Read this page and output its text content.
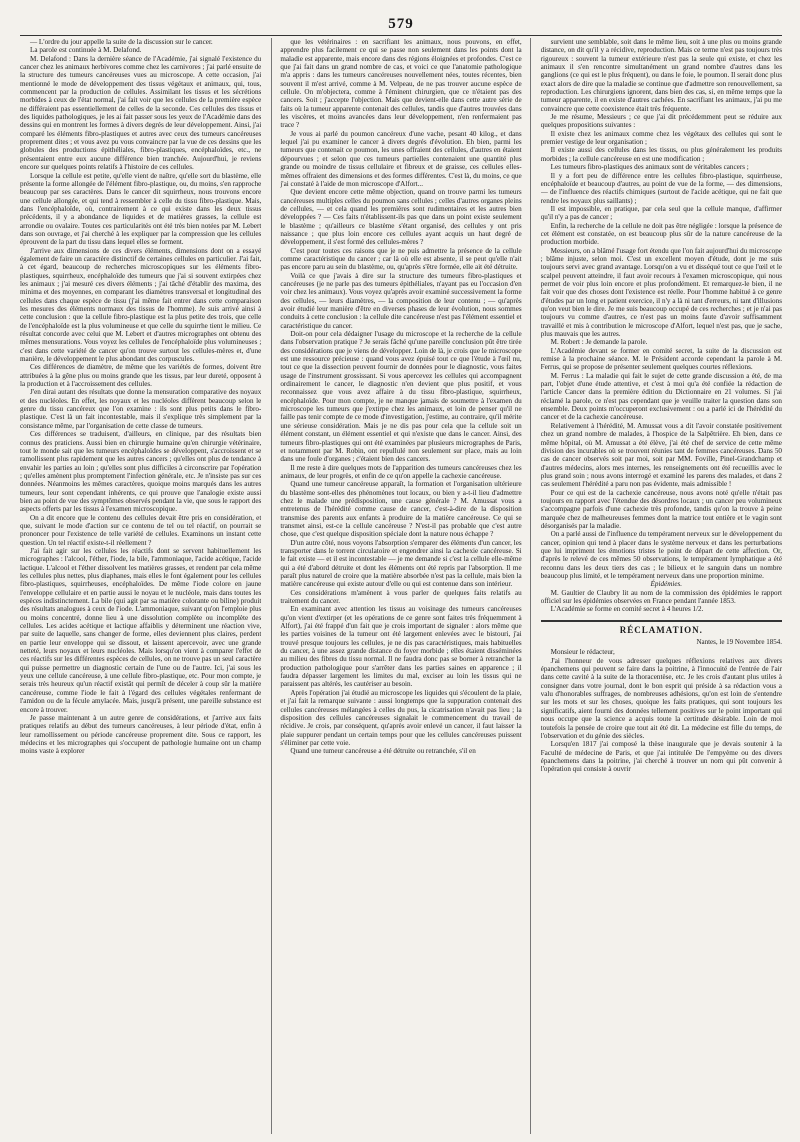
579

— L'ordre du jour appelle la suite de la discussion sur le cancer.

La parole est continuée à M. Delafond.

M. Delafond : Dans la dernière séance de l'Académie, j'ai signalé l'existence du cancer chez les animaux herbivores comme chez les carnivores ; j'ai parlé ensuite de la structure des tumeurs cancéreuses vues au microscope. A cette occasion, j'ai mentionné le mode de développement des tissus végétaux et animaux, qui, tous, commencent par la production de cellules. Assimilant les tissus et les sécrétions morbides à ceux de l'état normal, j'ai fait voir que les cellules de la première espèce ne différaient pas essentiellement de celles de la seconde. Ces cellules des tissus et des liquides pathologiques, je les ai fait passer sous les yeux de l'Académie dans des dessins qui en montrent les formes à divers degrés de leur développement. Ainsi, j'ai comparé les éléments fibro-plastiques et autres avec ceux des tumeurs cancéreuses proprement dites ; et vous avez pu vous convaincre par la vue de ces dessins que les globules des productions épithéliales, fibro-plastiques, encéphaloïdes, etc., ne présentaient entre eux aucune différence bien tranchée. Aujourd'hui, je reviens encore sur quelques points relatifs à l'histoire de ces cellules.

Lorsque la cellule est petite, qu'elle vient de naître, qu'elle sort du blastème, elle présente la forme allongée de l'élément fibro-plastique, ou, du moins, s'en rapproche beaucoup par ses caractères. Dans le cancer dit squirrheux, nous trouvons encore une cellule allongée, et qui tend à ressembler à celle du tissu fibro-plastique. Mais, dans l'encéphaloïde, où, contrairement à ce qui existe dans les deux tissus précédents, il y a abondance de liquides et de matières grasses, la cellule est arrondie ou ovalaire. Toutes ces particularités ont été très bien notées par M. Lebert dans son ouvrage, et j'ai cherché à les expliquer par la compression que les cellules éprouvent de la part du tissu dans lequel elles se forment.

J'arrive aux dimensions de ces divers éléments, dimensions dont on a essayé également de faire un caractère distinctif de certaines cellules en particulier. J'ai fait, à cet égard, beaucoup de recherches microscopiques sur les éléments fibro-plastiques, squirrheux, encéphaloïde des tumeurs que j'ai si souvent extirpées chez les animaux ; j'ai mesuré ces divers éléments ; j'ai tâché d'établir des maxima, des minima et des moyennes, en comparant les diamètres transversal et longitudinal des cellules dans chaque espèce de tissu (j'ai même fait entrer dans cette comparaison les mesures des éléments normaux des tissus de l'homme). Je suis arrivé ainsi à cette conclusion : que la cellule fibro-plastique est la plus petite des trois, que celle de l'encéphaloïde est la plus volumineuse et que celle du squirrhe tient le milieu. Ce résultat concorde avec celui que M. Lebert et d'autres micrographes ont obtenu des mêmes mensurations. Vous voyez les cellules de l'encéphaloïde plus volumineuses ; c'est dans cette variété de cancer qu'on trouve surtout les cellules-mères et, d'une manière, le développement le plus abondant des corpuscules.

Ces différences de diamètre, de même que les variétés de formes, doivent être attribuées à la gêne plus ou moins grande que les tissus, par leur dureté, opposent à la production et à l'accroissement des cellules.

J'en dirai autant des résultats que donne la mensuration comparative des noyaux et des nucléoles. En effet, les noyaux et les nucléoles diffèrent beaucoup selon le genre du tissu cancéreux que l'on examine : ils sont plus petits dans le fibro-plastique. C'est là un fait incontestable, mais il s'explique très simplement par la consistance même, par l'organisation de cette classe de tumeurs.

Ces différences se traduisent, d'ailleurs, en clinique, par des résultats bien connus des praticiens. Aussi bien en chirurgie humaine qu'en chirurgie vétérinaire, tout le monde sait que les tumeurs encéphaloïdes se développent, s'accroissent et se ramollissent plus rapidement que les autres cancers ; qu'elles ont plus de tendance à envahir les parties au loin ; qu'elles sont plus difficiles à circonscrire par l'opération ; qu'elles amènent plus promptement l'infection générale, etc. Je n'insiste pas sur ces données. Néanmoins les mêmes caractères, quoique moins marqués dans les autres tumeurs, leur sont cependant inhérents, ce qui prouve que l'analogie existe aussi bien au point de vue des symptômes observés pendant la vie, que sous le rapport des aspects offerts par les tissus à l'examen microscopique.

On a dit encore que le contenu des cellules devait être pris en considération, et que, suivant le mode d'action sur ce contenu de tel ou tel réactif, on pourrait se prononcer pour l'existence de telle variété de cellules. Examinons un instant cette question. Un tel réactif existe-t-il réellement ?

J'ai fait agir sur les cellules les réactifs dont se servent habituellement les micrographes : l'alcool, l'éther, l'iode, la bile, l'ammoniaque, l'acide acétique, l'acide lactique. L'alcool et l'éther dissolvent les matières grasses, et rendent par cela même les cellules plus nettes, plus diaphanes, mais elles le font également pour les cellules fibro-plastiques, squirrheuses, encéphaloïdes. De même l'iode colore en jaune l'enveloppe cellulaire et en partie aussi le noyau et le nucléole, mais dans toutes les espèces indistinctement. La bile (qui agit par sa matière colorante ou biline) produit des résultats analogues à ceux de l'iode. L'ammoniaque, suivant qu'on l'emploie plus ou moins concentré, donne lieu à une dissolution complète ou incomplète des cellules. Les acides acétique et lactique affaiblis y déterminent une réaction vive, par suite de laquelle, sans changer de forme, elles deviennent plus claires, perdent en partie leur enveloppe qui se dissout, et laissent apercevoir, avec une grande netteté, leurs noyaux et leurs nucléoles. Mais lorsqu'on vient à comparer l'effet de ces réactifs sur les différentes espèces de cellules, on ne trouve pas un seul caractère qui puisse permettre un diagnostic certain de l'une ou de l'autre. Ici, j'ai sous les yeux une cellule cancéreuse, à une cellule fibro-plastique, etc. Pour mon compte, je serais très heureux qu'un réactif existât qui permît de déceler à coup sûr la matière cancéreuse, comme l'iode le fait à l'égard des cellules végétales renfermant de l'amidon ou de la fécule amylacée. Mais, jusqu'à présent, une pareille substance est encore à trouver.

Je passe maintenant à un autre genre de considérations, et j'arrive aux faits pratiques relatifs au début des tumeurs cancéreuses, à leur période d'état, enfin à leur ramollissement ou période cancéreuse proprement dite. Sous ce rapport, les médecins et les micrographes qui s'occupent de pathologie humaine ont un champ moins vaste à explorer

que les vétérinaires : en sacrifiant les animaux, nous pouvons, en effet, apprendre plus facilement ce qui se passe non seulement dans les points dont la maladie est apparente, mais encore dans des régions éloignées et profondes. C'est ce que j'ai fait dans un grand nombre de cas, et voici ce que l'anatomie pathologique m'a appris : dans les tumeurs cancéreuses nouvellement nées, toutes récentes, bien souvent il m'est arrivé, comme à M. Velpeau, de ne pas trouver aucune espèce de cellule. On m'objectera, comme à l'éminent chirurgien, que ce n'étaient pas des cancers. Soit ; j'accepte l'objection. Mais que devient-elle dans cette autre série de faits où la tumeur apparente contenait des cellules, tandis que d'autres trouvées dans les viscères, et moins avancées dans leur développement, n'en renfermaient pas trace ?

Je vous ai parlé du poumon cancéreux d'une vache, pesant 40 kilog., et dans lequel j'ai pu examiner le cancer à divers degrés d'évolution. Eh bien, parmi les tumeurs que contenait ce poumon, les unes offraient des cellules, d'autres en étaient dépourvues ; et selon que ces tumeurs partielles contenaient une quantité plus grande ou moindre de tissus cellulaire et fibreux et de graisse, ces cellules elles-mêmes offraient des dimensions et des formes différentes. C'est là, du moins, ce que j'ai constaté à l'aide de mon microscope d'Alfort...

Que devient encore cette même objection, quand on trouve parmi les tumeurs cancéreuses multiples celles du poumon sans cellules ; celles d'autres organes pleins de cellules, — et cela quand les premières sont rudimentaires et les autres bien développées ? — Ces faits n'établissent-ils pas que dans un point existe seulement le blastème ; qu'ailleurs ce blastème s'étant organisé, des cellules y ont pris naissance ; que plus loin encore ces cellules ayant acquis un haut degré de développement, il s'est formé des cellules-mères ?

C'est pour toutes ces raisons que je ne puis admettre la présence de la cellule comme caractéristique du cancer ; car là où elle est absente, il se peut qu'elle n'ait pas encore paru au sein du blastème, ou, qu'après s'être formée, elle ait été détruite.

Voilà ce que j'avais à dire sur la structure des tumeurs fibro-plastiques et cancéreuses (je ne parle pas des tumeurs épithéliales, n'ayant pas eu l'occasion d'en voir chez les animaux). Vous voyez qu'après avoir examiné successivement la forme des cellules, — leurs diamètres, — la composition de leur contenu ; — qu'après avoir étudié leur manière d'être en diverses phases de leur évolution, nous sommes conduits à cette conclusion : la cellule dite cancéreuse n'est pas l'élément essentiel et caractéristique du cancer.

Doit-on pour cela dédaigner l'usage du microscope et la recherche de la cellule dans l'observation pratique ? Je serais fâché qu'une pareille conclusion pût être tirée des considérations que je viens de développer. Loin de là, je crois que le microscope est une ressource précieuse : quand vous avez épuisé tout ce que l'étude à l'œil nu, tout ce que la dissection peuvent fournir de données pour le diagnostic, vous faites usage de l'instrument grossissant. Si vous apercevez les cellules qui accompagnent ordinairement le cancer, le diagnostic n'en devient que plus positif, et vous reconnaissez que vous avez affaire à du tissu fibro-plastique, squirrheux, encéphaloïde. Pour mon compte, je ne manque jamais de soumettre à l'examen du microscope les tumeurs que j'extirpe chez les animaux, et loin de penser qu'il ne faille pas tenir compte de ce mode d'investigation, j'estime, au contraire, qu'il mérite une sérieuse considération. Mais je ne dis pas pour cela que la cellule soit un élément constant, un élément essentiel et qui n'existe que dans le cancer. Ainsi, des tumeurs fibro-plastiques qui ont été examinées par plusieurs micrographes de Paris, et notamment par M. Robin, ont repullulé non seulement sur place, mais au loin dans une foule d'organes ; c'étaient bien des cancers.

Il me reste à dire quelques mots de l'apparition des tumeurs cancéreuses chez les animaux, de leur progrès, et enfin de ce qu'on appelle la cachexie cancéreuse.

Quand une tumeur cancéreuse apparaît, la formation et l'organisation ultérieure du blastème sont-elles des phénomènes tout locaux, ou bien y a-t-il lieu d'admettre chez le malade une prédisposition, une cause générale ? M. Amussat vous a entretenus de l'hérédité comme cause de cancer, c'est-à-dire de la disposition transmise des parents aux enfants à produire de la matière cancéreuse. Ce qui se transmet ainsi, est-ce la cellule cancéreuse ? N'est-il pas probable que c'est autre chose, que c'est quelque disposition spéciale dont la nature nous échappe ?

D'un autre côté, nous voyons l'absorption s'emparer des éléments d'un cancer, les transporter dans le torrent circulatoire et engendrer ainsi la cachexie cancéreuse. Si le fait existe — et il est incontestable — je me demande si c'est la cellule elle-même qui a été d'abord détruite et dont les éléments ont été repris par l'absorption. Il me paraît plus naturel de croire que la matière absorbée n'est pas la cellule, mais bien la matière cancéreuse qui existe autour d'elle ou qui est contenue dans son intérieur.

Ces considérations m'amènent à vous parler de quelques faits relatifs au traitement du cancer.

En examinant avec attention les tissus au voisinage des tumeurs cancéreuses qu'on vient d'extirper (et les opérations de ce genre sont faites très fréquemment à Alfort), j'ai été frappé d'un fait que je crois important de signaler : alors même que les parties voisines de la tumeur ont été largement enlevées avec le bistouri, j'ai trouvé presque toujours les cellules, je ne dis pas caractéristiques, mais habituelles du cancer, à une assez grande distance du foyer morbide ; elles étaient disséminées au milieu des fibres du tissu normal. Il ne faudra donc pas se borner à retrancher la production pathologique pour s'arrêter dans les parties saines en apparence ; il faudra dépasser largement les limites du mal, exciser au loin les tissus qui ne paraissent pas altérés, les cautériser au besoin.

Après l'opération j'ai étudié au microscope les liquides qui s'écoulent de la plaie, et j'ai fait la remarque suivante : aussi longtemps que la suppuration contenait des cellules cancéreuses mélangées à celles du pus, la cicatrisation n'avait pas lieu ; la disposition des cellules cancéreuses signalait le commencement du travail de récidive. Je crois, par conséquent, qu'après avoir enlevé un cancer, il faut laisser la plaie suppurer pendant un certain temps pour que les cellules cancéreuses puissent s'éliminer par cette voie.

Quand une tumeur cancéreuse a été détruite ou retranchée, s'il en

survient une semblable, soit dans le même lieu, soit à une plus ou moins grande distance, on dit qu'il y a récidive, reproduction. Mais ce terme n'est pas toujours très rigoureux : souvent la tumeur extérieure n'est pas la seule qui existe, et chez les animaux il s'en rencontre simultanément un grand nombre d'autres dans les ganglions (ce qui est le plus fréquent), ou dans le foie, le poumon. Il serait donc plus exact alors de dire que la maladie se continue que d'admettre son renouvellement, sa reproduction. Les chirurgiens ignorent, dans bien des cas, si, en même temps que la tumeur apparente, il en existe d'autres cachées. En sacrifiant les animaux, j'ai pu me convaincre que cette coexistence était très fréquente.

Je me résume, Messieurs ; ce que j'ai dit précédemment peut se réduire aux quelques propositions suivantes :

Il existe chez les animaux comme chez les végétaux des cellules qui sont le premier vestige de leur organisation ;

Il existe aussi des cellules dans les tissus, ou plus généralement les produits morbides ; la cellule cancéreuse en est une modification ;

Les tumeurs fibro-plastiques des animaux sont de véritables cancers ;

Il y a fort peu de différence entre les cellules fibro-plastique, squirrheuse, encéphaloïde et beaucoup d'autres, au point de vue de la forme, — des dimensions, — de l'influence des réactifs chimiques (surtout de l'acide acétique, qui ne fait que rendre les noyaux plus saillants) ;

Il est impossible, en pratique, par cela seul que la cellule manque, d'affirmer qu'il n'y a pas de cancer ;

Enfin, la recherche de la cellule ne doit pas être négligée : lorsque la présence de cet élément est constatée, on est beaucoup plus sûr de la nature cancéreuse de la production morbide.

Messieurs, on a blâmé l'usage fort étendu que l'on fait aujourd'hui du microscope ; blâme injuste, selon moi. C'est un excellent moyen d'étude, dont je me suis toujours servi avec grand avantage. Lorsqu'on a vu et disséqué tout ce que l'œil et le scalpel peuvent atteindre, il faut avoir recours à l'examen microscopique, qui nous permet de voir plus loin encore et plus profondément. Et remarquez-le bien, il ne fait voir que des choses dont l'existence est réelle. Pour l'homme habitué à ce genre d'études par un long et patient exercice, il n'y a là ni tant d'erreurs, ni tant d'illusions qu'on veut bien le dire. Je me suis beaucoup occupé de ces recherches ; et je n'ai pas toujours vu comme d'autres, ce n'est pas un moins faute d'avoir suffisamment travaillé et mis à contribution le microscope d'Alfort, lequel n'est pas, que je sache, plus mauvais que les autres.

M. Robert : Je demande la parole.

L'Académie devant se former en comité secret, la suite de la discussion est remise à la prochaine séance. M. le Président accorde cependant la parole à M. Ferrus, qui se propose de présenter seulement quelques courtes réflexions.

M. Ferrus : La maladie qui fait le sujet de cette grande discussion a été, de ma part, l'objet d'une étude attentive, et c'est à moi qu'a été confiée la rédaction de l'article Cancer dans la première édition du Dictionnaire en 21 volumes. Si j'ai réclamé la parole, ce n'est pas cependant que je veuille traiter la question dans son ensemble. Deux points m'occuperont exclusivement : ou a parlé ici de l'hérédité du cancer et de la cachexie cancéreuse.

Relativement à l'hérédité, M. Amussat vous a dit l'avoir constatée positivement chez un grand nombre de malades, à l'hospice de la Salpêtrière. Eh bien, dans ce même hôpital, où M. Amussat a été élève, j'ai été chef de service de cette même division des incurables où se trouvent réunies tant de femmes cancéreuses. Dans 50 cas de cancer observés soit par moi, soit par MM. Foville, Pinel-Grandchamp et d'autres médecins, alors mes internes, les renseignements ont été recueillis avec le plus grand soin ; nous avons interrogé et examiné les parens des malades, et dans 2 cas seulement l'hérédité a paru non pas évidente, mais admissible !

Pour ce qui est de la cachexie cancéreuse, nous avons noté qu'elle n'était pas toujours en rapport avec l'étendue des désordres locaux ; un cancer peu volumineux s'accompagne parfois d'une cachexie très profonde, tandis qu'on la trouve à peine marquée chez de malheureuses femmes dont la matrice tout entière et le vagin sont désorganisés par la maladie.

On a parlé aussi de l'influence du tempérament nerveux sur le développement du cancer, opinion qui tend à placer dans le système nerveux et dans les perturbations que lui impriment les émotions tristes le point de départ de cette affection. Or, d'après le relevé de ces mêmes 50 observations, le tempérament lymphatique a été reconnu dans les deux tiers des cas ; le bilieux et le sanguin dans un nombre beaucoup plus limité, et le tempérament nerveux dans une proportion minime.

Épidémies.

M. Gaultier de Claubry lit au nom de la commission des épidémies le rapport officiel sur les épidémies observées en France pendant l'année 1853.

L'Académie se forme en comité secret à 4 heures 1/2.

RÉCLAMATION.
Nantes, le 19 Novembre 1854.

Monsieur le rédacteur,

J'ai l'honneur de vous adresser quelques réflexions relatives aux divers épanchemens qui peuvent se faire dans la poitrine, à l'innocuité de l'entrée de l'air dans cette cavité à la suite de la thoracentèse, etc. Je les crois d'autant plus utiles à consigner dans votre journal, dont le bon esprit qui préside à sa rédaction vous a valu d'honorables suffrages, de nombreuses adhésions, qu'on est loin de s'entendre sur les mots et sur les choses, quoique les faits pratiques, qui sont toujours les significatifs, aient fourni des données tellement positives sur le point important qui nous occupe que la science a acquis toute la certitude désirable. Loin de moi toutefois la pensée de croire que tout ait été dit. La médecine est fille du temps, de l'observation et du génie des siècles.

Lorsqu'en 1817 j'ai composé la thèse inaugurale que je devais soutenir à la Faculté de médecine de Paris, et que j'ai intitulée De l'empyème ou des divers épanchemens dans la poitrine, j'ai cherché à trouver un nom qui pût convenir à l'opération qui consiste à ouvrir
